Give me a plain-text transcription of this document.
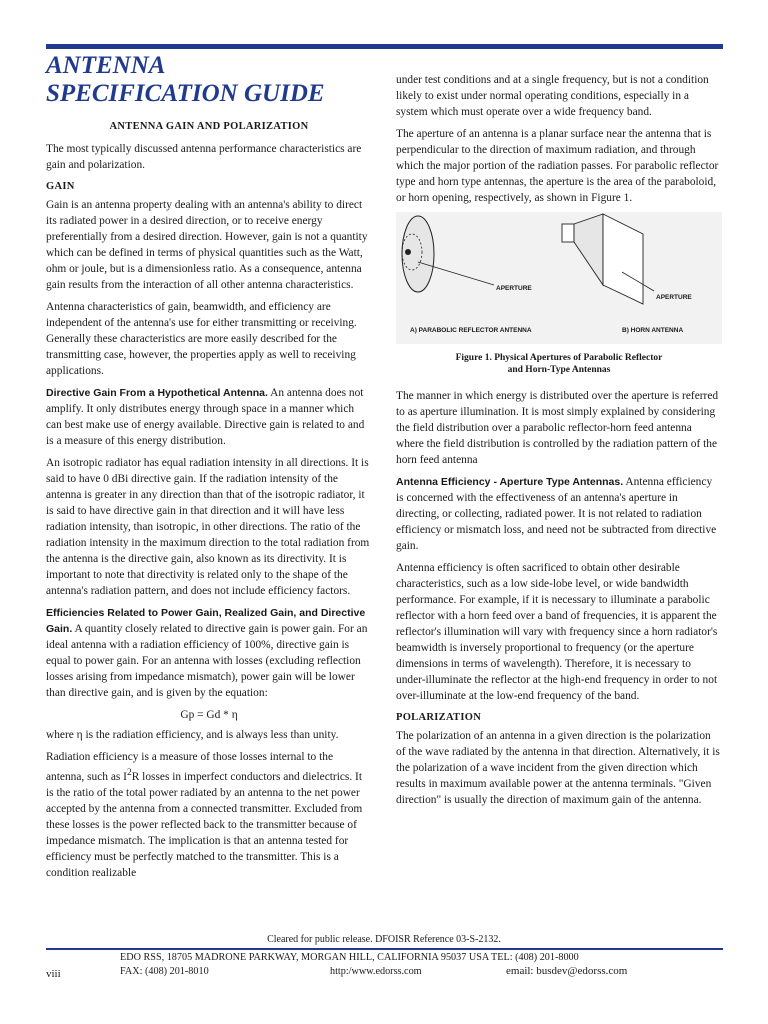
ANTENNA
SPECIFICATION GUIDE
ANTENNA GAIN AND POLARIZATION

The most typically discussed antenna performance characteristics are gain and polarization.

GAIN

Gain is an antenna property dealing with an antenna's ability to direct its radiated power in a desired direction, or to receive energy preferentially from a desired direction. However, gain is not a quantity which can be defined in terms of physical quantities such as the Watt, ohm or joule, but is a dimensionless ratio. As a consequence, antenna gain results from the interaction of all other antenna characteristics.

Antenna characteristics of gain, beamwidth, and efficiency are independent of the antenna's use for either transmitting or receiving. Generally these characteristics are more easily described for the transmitting case, however, the properties apply as well to receiving applications.

Directive Gain From a Hypothetical Antenna. An antenna does not amplify. It only distributes energy through space in a manner which can best make use of energy available. Directive gain is related to and is a measure of this energy distribution.

An isotropic radiator has equal radiation intensity in all directions. It is said to have 0 dBi directive gain. If the radiation intensity of the antenna is greater in any direction than that of the isotropic radiator, it is said to have directive gain in that direction and it will have less radiation intensity, than isotropic, in other directions. The ratio of the radiation intensity in the maximum direction to the total radiation from the antenna is the directive gain, also known as its directivity. It is important to note that directivity is related only to the shape of the antenna's radiation pattern, and does not include efficiency factors.

Efficiencies Related to Power Gain, Realized Gain, and Directive Gain. A quantity closely related to directive gain is power gain. For an ideal antenna with a radiation efficiency of 100%, directive gain is equal to power gain. For an antenna with losses (excluding reflection losses arising from impedance mismatch), power gain will be lower than directive gain, and is given by the equation:

Gp = Gd * η

where η is the radiation efficiency, and is always less than unity.

Radiation efficiency is a measure of those losses internal to the antenna, such as $I^2R$ losses in imperfect conductors and dielectrics. It is the ratio of the total power radiated by an antenna to the net power accepted by the antenna from a connected transmitter. Excluded from these losses is the power reflected back to the transmitter because of impedance mismatch. The implication is that an antenna tested for efficiency must be perfectly matched to the transmitter. This is a condition realizable

under test conditions and at a single frequency, but is not a condition likely to exist under normal operating conditions, especially in a system which must operate over a wide frequency band.

The aperture of an antenna is a planar surface near the antenna that is perpendicular to the direction of maximum radiation, and through which the major portion of the radiation passes. For parabolic reflector type and horn type antennas, the aperture is the area of the paraboloid, or horn opening, respectively, as shown in Figure 1.

APERTURE
APERTURE
A) PARABOLIC REFLECTOR ANTENNA	B) HORN ANTENNA
Figure 1. Physical Apertures of Parabolic Reflector
and Horn-Type Antennas

The manner in which energy is distributed over the aperture is referred to as aperture illumination. It is most simply explained by considering the field distribution over a parabolic reflector-horn feed antenna where the field distribution is controlled by the radiation pattern of the horn feed antenna

Antenna Efficiency - Aperture Type Antennas. Antenna efficiency is concerned with the effectiveness of an antenna's aperture in directing, or collecting, radiated power. It is not related to radiation efficiency or mismatch loss, and need not be subtracted from directive gain.

Antenna efficiency is often sacrificed to obtain other desirable characteristics, such as a low side-lobe level, or wide bandwidth performance. For example, if it is necessary to illuminate a parabolic reflector with a horn feed over a band of frequencies, it is apparent the reflector's illumination will vary with frequency since a horn radiator's beamwidth is inversely proportional to frequency (or the aperture dimensions in terms of wavelength). Therefore, it is necessary to under-illuminate the reflector at the high-end frequency in order to not over-illuminate at the low-end frequency of the band.

POLARIZATION

The polarization of an antenna in a given direction is the polarization of the wave radiated by the antenna in that direction. Alternatively, it is the polarization of a wave incident from the given direction which results in maximum available power at the antenna terminals. "Given direction" is usually the direction of maximum gain of the antenna.

Cleared for public release. DFOISR Reference 03-S-2132.
viii
EDO RSS, 18705 MADRONE PARKWAY, MORGAN HILL, CALIFORNIA 95037 USA TEL: (408) 201-8000
FAX: (408) 201-8010	http:/www.edorss.com	email: busdev@edorss.com
